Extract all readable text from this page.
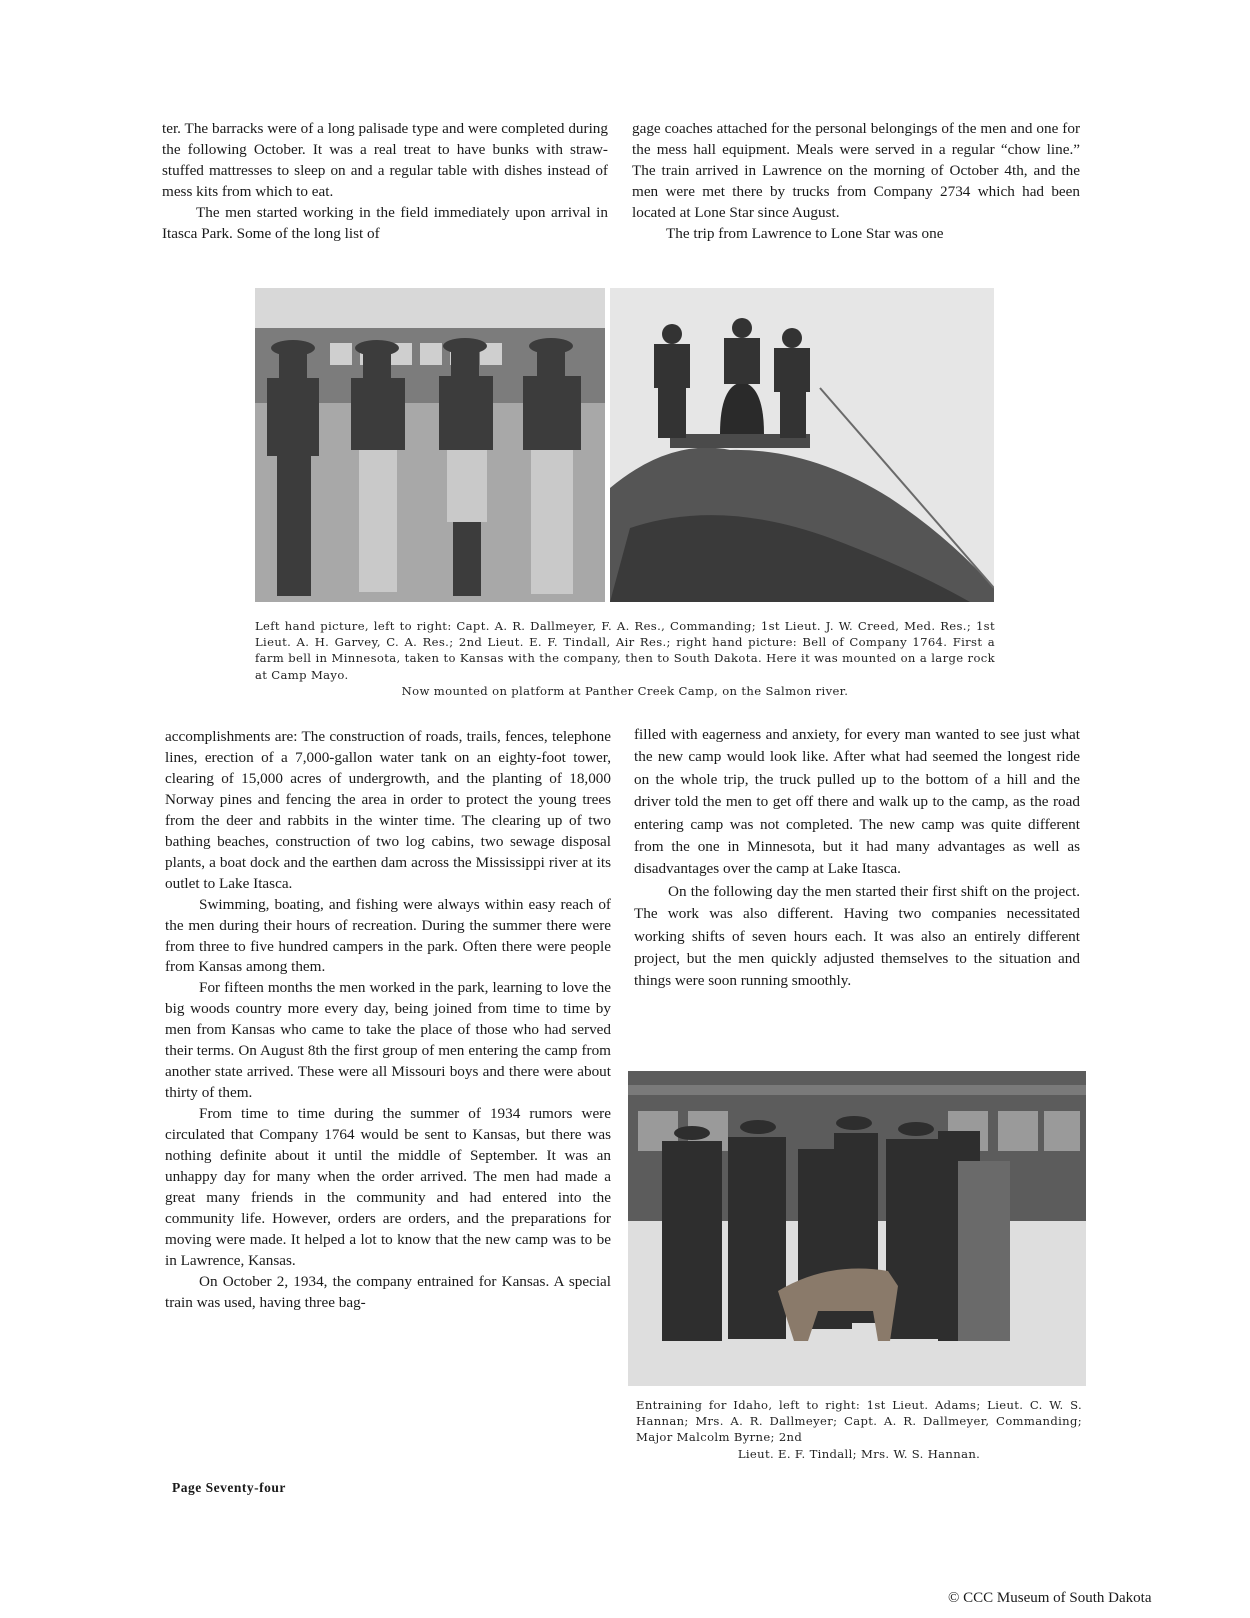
ter. The barracks were of a long palisade type and were completed during the following October. It was a real treat to have bunks with straw-stuffed mattresses to sleep on and a regular table with dishes instead of mess kits from which to eat.

The men started working in the field immediately upon arrival in Itasca Park. Some of the long list of

gage coaches attached for the personal belongings of the men and one for the mess hall equipment. Meals were served in a regular “chow line.” The train arrived in Lawrence on the morning of October 4th, and the men were met there by trucks from Company 2734 which had been located at Lone Star since August.

The trip from Lawrence to Lone Star was one

Left hand picture, left to right: Capt. A. R. Dallmeyer, F. A. Res., Commanding; 1st Lieut. J. W. Creed, Med. Res.; 1st Lieut. A. H. Garvey, C. A. Res.; 2nd Lieut. E. F. Tindall, Air Res.; right hand picture: Bell of Company 1764. First a farm bell in Minnesota, taken to Kansas with the company, then to South Dakota. Here it was mounted on a large rock at Camp Mayo.

Now mounted on platform at Panther Creek Camp, on the Salmon river.

accomplishments are: The construction of roads, trails, fences, telephone lines, erection of a 7,000-gallon water tank on an eighty-foot tower, clearing of 15,000 acres of undergrowth, and the planting of 18,000 Norway pines and fencing the area in order to protect the young trees from the deer and rabbits in the winter time. The clearing up of two bathing beaches, construction of two log cabins, two sewage disposal plants, a boat dock and the earthen dam across the Mississippi river at its outlet to Lake Itasca.

Swimming, boating, and fishing were always within easy reach of the men during their hours of recreation. During the summer there were from three to five hundred campers in the park. Often there were people from Kansas among them.

For fifteen months the men worked in the park, learning to love the big woods country more every day, being joined from time to time by men from Kansas who came to take the place of those who had served their terms. On August 8th the first group of men entering the camp from another state arrived. These were all Missouri boys and there were about thirty of them.

From time to time during the summer of 1934 rumors were circulated that Company 1764 would be sent to Kansas, but there was nothing definite about it until the middle of September. It was an unhappy day for many when the order arrived. The men had made a great many friends in the community and had entered into the community life. However, orders are orders, and the preparations for moving were made. It helped a lot to know that the new camp was to be in Lawrence, Kansas.

On October 2, 1934, the company entrained for Kansas. A special train was used, having three bag-

filled with eagerness and anxiety, for every man wanted to see just what the new camp would look like. After what had seemed the longest ride on the whole trip, the truck pulled up to the bottom of a hill and the driver told the men to get off there and walk up to the camp, as the road entering camp was not completed. The new camp was quite different from the one in Minnesota, but it had many advantages as well as disadvantages over the camp at Lake Itasca.

On the following day the men started their first shift on the project. The work was also different. Having two companies necessitated working shifts of seven hours each. It was also an entirely different project, but the men quickly adjusted themselves to the situation and things were soon running smoothly.

Entraining for Idaho, left to right: 1st Lieut. Adams; Lieut. C. W. S. Hannan; Mrs. A. R. Dallmeyer; Capt. A. R. Dallmeyer, Commanding; Major Malcolm Byrne; 2nd

Lieut. E. F. Tindall; Mrs. W. S. Hannan.

Page Seventy-four
© CCC Museum of South Dakota
